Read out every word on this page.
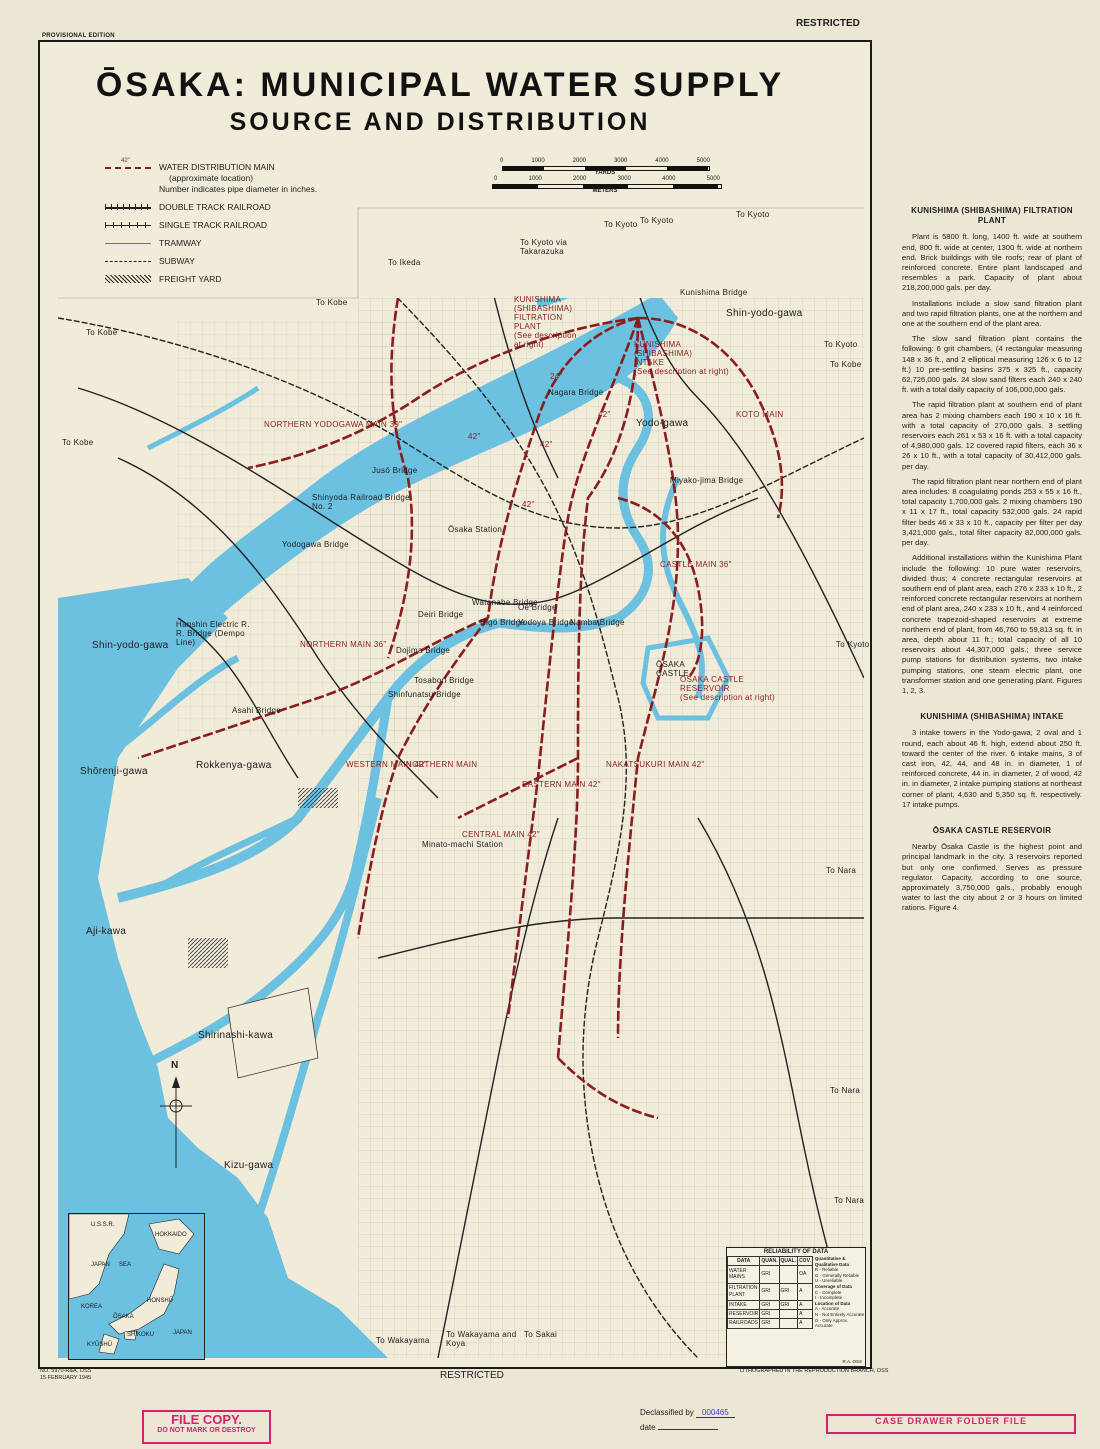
PROVISIONAL EDITION
RESTRICTED
KUNISHIMA
(SHIBASHIMA)
FILTRATION
PLANT
(See description
at right)	KUNISHIMA
(SHIBASHIMA)
INTAKE
(See description at right)
ŌSAKA
CASTLE
ŌSAKA CASTLE
RESERVOIR
(See description at right)
Nagara Bridge
Jusō Bridge
Miyako-jima Bridge
Shinyoda Railroad Bridge No. 2
Yodogawa Bridge
Ōsaka Station
Deiri Bridge
Watanabe Bridge
Oe Bridge
Higo Bridge
Yodoya Bridge
Namba Bridge
Dojima Bridge
Tosabori Bridge
Shinfunatsu Bridge
Asahi Bridge
Hanshin Electric R. R. Bridge (Dempo Line)
Minato-machi Station
Kunishima Bridge
Shin-yodo-gawa
Shin-yodo-gawa
Yodo-gawa
Shōrenji-gawa
Rokkenya-gawa
Aji-kawa
Shirinashi-kawa
Kizu-gawa
NORTHERN YODOGAWA MAIN 39"
NORTHERN MAIN 36"
WESTERN MAIN 42"
NORTHERN MAIN
CENTRAL MAIN 42"
EASTERN MAIN 42"
NAKATSUKURI MAIN 42"
CASTLE MAIN 36"
42"
42"
42"
42"
24"
KOTO MAIN
To Kobe
To Kobe
To Kobe
To Kyoto To Kyoto
To Kyoto
To Kyoto
To Kobe
To Kyoto
To Nara
To Nara
To Nara
To Ikeda
To Kyoto via Takarazuka
To Wakayama
To Wakayama and Koya
To Sakai
N
ŌSAKA: MUNICIPAL WATER SUPPLY
SOURCE AND DISTRIBUTION
42"
WATER DISTRIBUTION MAIN
(approximate location)
Number indicates pipe diameter in inches.
DOUBLE TRACK RAILROAD
SINGLE TRACK RAILROAD
TRAMWAY
SUBWAY
FREIGHT YARD
0	1000	2000	3000	4000	5000
YARDS
0	1000	2000	3000	4000	5000
METERS
U.S.S.R.
HOKKAIDO
JAPAN SEA
KOREA
ŌSAKA
HONSHŪ
SHIKOKU
KYŪSHŪ
JAPAN
RELIABILITY OF DATA
DATA	QUAN.	QUAL.	COV.
WATER MAINS	GRI		OA
FILTRATION PLANT	GRI	GRI	A
INTAKE	GRI	GRI	A
RESERVOIR	GRI		A
RAILROADS	GRI		A
Quantitative & Qualitative Data
R - Reliable
G - Generally Reliable
U - Unreliable
Coverage of Data
C - Complete
I - Incomplete
Location of Data
A - Accurate
N - Not Entirely Accurate
O - Only Approx. Accurate
R.A. OSS
KUNISHIMA (SHIBASHIMA) FILTRATION PLANT

Plant is 5800 ft. long, 1400 ft. wide at southern end, 800 ft. wide at center, 1300 ft. wide at northern end. Brick buildings with tile roofs; rear of plant of reinforced concrete. Entire plant landscaped and resembles a park. Capacity of plant about 218,200,000 gals. per day.

Installations include a slow sand filtration plant and two rapid filtration plants, one at the northern and one at the southern end of the plant area.

The slow sand filtration plant contains the following: 6 grit chambers, (4 rectangular measuring 148 x 36 ft., and 2 elliptical measuring 126 x 6 to 12 ft.) 10 pre-settling basins 375 x 325 ft., capacity 62,726,000 gals. 24 slow sand filters each 240 x 240 ft. with a total daily capacity of 106,000,000 gals.

The rapid filtration plant at southern end of plant area has 2 mixing chambers each 190 x 10 x 16 ft. with a total capacity of 270,000 gals. 3 settling reservoirs each 261 x 53 x 16 ft. with a total capacity of 4,980,000 gals. 12 covered rapid filters, each 36 x 26 x 10 ft., with a total capacity of 30,412,000 gals. per day.

The rapid filtration plant near northern end of plant area includes: 8 coagulating ponds 253 x 55 x 16 ft., total capacity 1,700,000 gals. 2 mixing chambers 190 x 11 x 17 ft., total capacity 532,000 gals. 24 rapid filter beds 46 x 33 x 10 ft., capacity per filter per day 3,421,000 gals., total filter capacity 82,000,000 gals. per day.

Additional installations within the Kunishima Plant include the following: 10 pure water reservoirs, divided thus; 4 concrete rectangular reservoirs at southern end of plant area, each 276 x 233 x 10 ft., 2 reinforced concrete rectangular reservoirs at northern end of plant area, 240 x 233 x 10 ft., and 4 reinforced concrete trapezoid-shaped reservoirs at extreme northern end of plant, from 46,760 to 59,813 sq. ft. in area, depth about 11 ft.; total capacity of all 10 reservoirs about 44,307,000 gals.; three service pump stations for distribution systems, two intake pumping stations, one steam electric plant, one transformer station and one generating plant. Figures 1, 2, 3.

KUNISHIMA (SHIBASHIMA) INTAKE

3 intake towers in the Yodo-gawa, 2 oval and 1 round, each about 46 ft. high, extend about 250 ft. toward the center of the river. 6 intake mains, 3 of cast iron, 42, 44, and 48 in. in diameter, 1 of reinforced concrete, 44 in. in diameter, 2 of wood, 42 in. in diameter, 2 intake pumping stations at northeast corner of plant, 4,630 and 5,350 sq. ft. respectively. 17 intake pumps.

ŌSAKA CASTLE RESERVOIR

Nearby Ōsaka Castle is the highest point and principal landmark in the city. 3 reservoirs reported but only one confirmed. Serves as pressure regulator. Capacity, according to one source, approximately 3,750,000 gals., probably enough water to last the city about 2 or 3 hours on limited rations. Figure 4.

NO. 5970-R&A, OSS
15 FEBRUARY 1945	RESTRICTED	LITHOGRAPHED IN THE REPRODUCTION BRANCH, OSS
FILE COPY.
DO NOT MARK OR DESTROY
Declassified by 000465
date
CASE DRAWER FOLDER FILE
